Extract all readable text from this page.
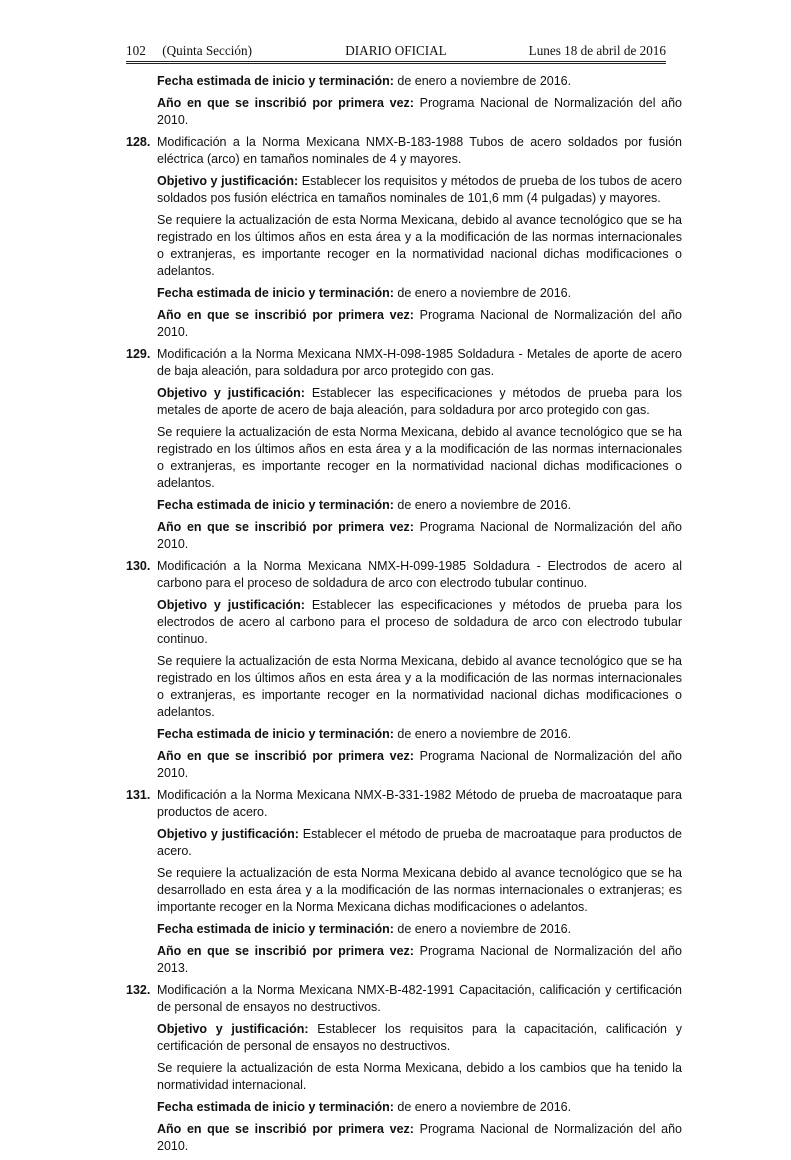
102     (Quinta Sección)	DIARIO OFICIAL	Lunes 18 de abril de 2016

Fecha estimada de inicio y terminación: de enero a noviembre de 2016.

Año en que se inscribió por primera vez: Programa Nacional de Normalización del año 2010.

128. Modificación a la Norma Mexicana NMX-B-183-1988 Tubos de acero soldados por fusión eléctrica (arco) en tamaños nominales de 4 y mayores.

Objetivo y justificación: Establecer los requisitos y métodos de prueba de los tubos de acero soldados pos fusión eléctrica en tamaños nominales de 101,6 mm (4 pulgadas) y mayores.

Se requiere la actualización de esta Norma Mexicana, debido al avance tecnológico que se ha registrado en los últimos años en esta área y a la modificación de las normas internacionales o extranjeras, es importante recoger en la normatividad nacional dichas modificaciones o adelantos.

Fecha estimada de inicio y terminación: de enero a noviembre de 2016.

Año en que se inscribió por primera vez: Programa Nacional de Normalización del año 2010.

129. Modificación a la Norma Mexicana NMX-H-098-1985 Soldadura - Metales de aporte de acero de baja aleación, para soldadura por arco protegido con gas.

Objetivo y justificación: Establecer las especificaciones y métodos de prueba para los metales de aporte de acero de baja aleación, para soldadura por arco protegido con gas.

Se requiere la actualización de esta Norma Mexicana, debido al avance tecnológico que se ha registrado en los últimos años en esta área y a la modificación de las normas internacionales o extranjeras, es importante recoger en la normatividad nacional dichas modificaciones o adelantos.

Fecha estimada de inicio y terminación: de enero a noviembre de 2016.

Año en que se inscribió por primera vez: Programa Nacional de Normalización del año 2010.

130. Modificación a la Norma Mexicana NMX-H-099-1985 Soldadura - Electrodos de acero al carbono para el proceso de soldadura de arco con electrodo tubular continuo.

Objetivo y justificación: Establecer las especificaciones y métodos de prueba para los electrodos de acero al carbono para el proceso de soldadura de arco con electrodo tubular continuo.

Se requiere la actualización de esta Norma Mexicana, debido al avance tecnológico que se ha registrado en los últimos años en esta área y a la modificación de las normas internacionales o extranjeras, es importante recoger en la normatividad nacional dichas modificaciones o adelantos.

Fecha estimada de inicio y terminación: de enero a noviembre de 2016.

Año en que se inscribió por primera vez: Programa Nacional de Normalización del año 2010.

131. Modificación a la Norma Mexicana NMX-B-331-1982 Método de prueba de macroataque para productos de acero.

Objetivo y justificación: Establecer el método de prueba de macroataque para productos de acero.

Se requiere la actualización de esta Norma Mexicana debido al avance tecnológico que se ha desarrollado en esta área y a la modificación de las normas internacionales o extranjeras; es importante recoger en la Norma Mexicana dichas modificaciones o adelantos.

Fecha estimada de inicio y terminación: de enero a noviembre de 2016.

Año en que se inscribió por primera vez: Programa Nacional de Normalización del año 2013.

132. Modificación a la Norma Mexicana NMX-B-482-1991 Capacitación, calificación y certificación de personal de ensayos no destructivos.

Objetivo y justificación: Establecer los requisitos para la capacitación, calificación y certificación de personal de ensayos no destructivos.

Se requiere la actualización de esta Norma Mexicana, debido a los cambios que ha tenido la normatividad internacional.

Fecha estimada de inicio y terminación: de enero a noviembre de 2016.

Año en que se inscribió por primera vez: Programa Nacional de Normalización del año 2010.
